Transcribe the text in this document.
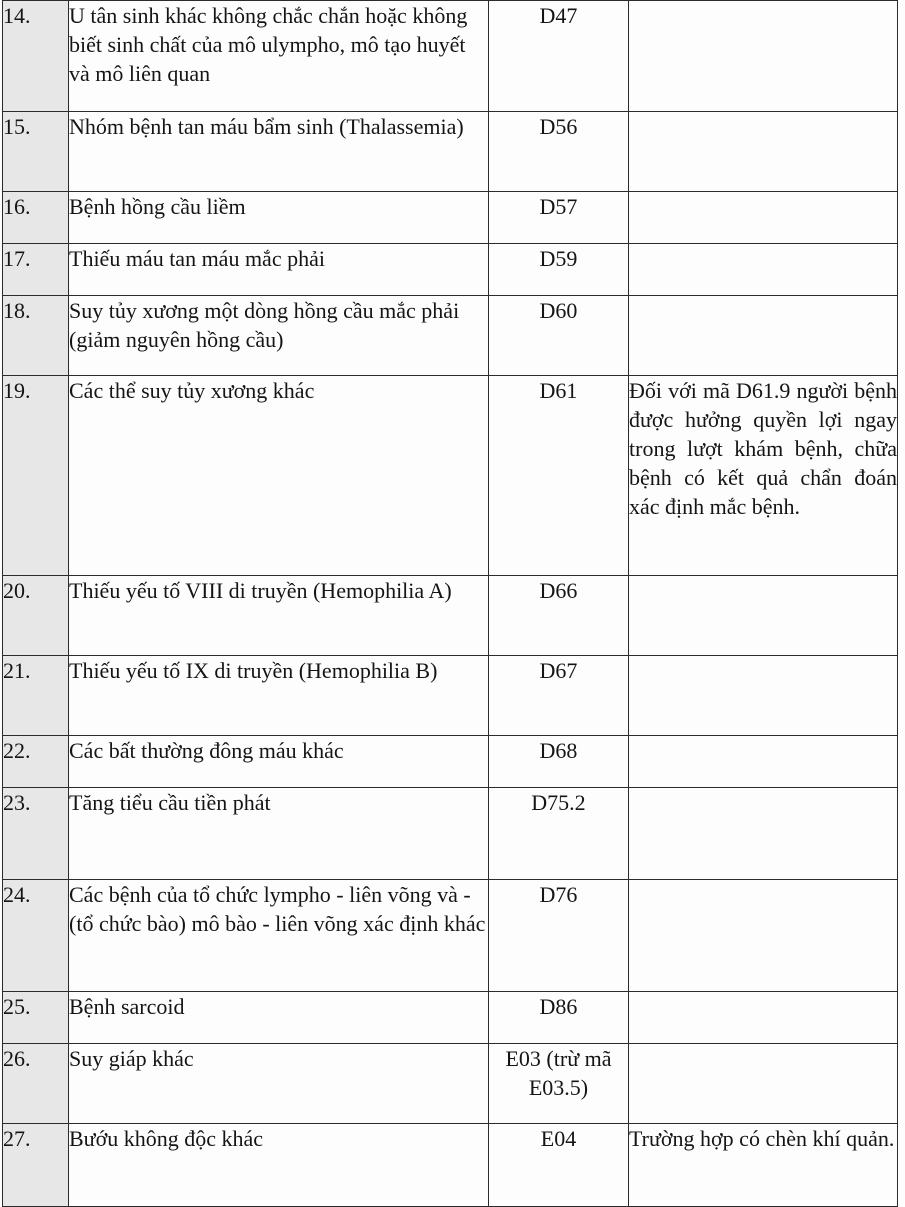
14.	U tân sinh khác không chắc chắn hoặc không biết sinh chất của mô ulympho, mô tạo huyết và mô liên quan	D47	
15.	Nhóm bệnh tan máu bẩm sinh (Thalassemia)	D56	
16.	Bệnh hồng cầu liềm	D57	
17.	Thiếu máu tan máu mắc phải	D59	
18.	Suy tủy xương một dòng hồng cầu mắc phải (giảm nguyên hồng cầu)	D60	
19.	Các thể suy tủy xương khác	D61	Đối với mã D61.9 người bệnh được hưởng quyền lợi ngay trong lượt khám bệnh, chữa bệnh có kết quả chẩn đoán xác định mắc bệnh.
20.	Thiếu yếu tố VIII di truyền (Hemophilia A)	D66	
21.	Thiếu yếu tố IX di truyền (Hemophilia B)	D67	
22.	Các bất thường đông máu khác	D68	
23.	Tăng tiểu cầu tiền phát	D75.2	
24.	Các bệnh của tổ chức lympho - liên võng và - (tổ chức bào) mô bào - liên võng xác định khác	D76	
25.	Bệnh sarcoid	D86	
26.	Suy giáp khác	E03 (trừ mã E03.5)	
27.	Bướu không độc khác	E04	Trường hợp có chèn khí quản.
